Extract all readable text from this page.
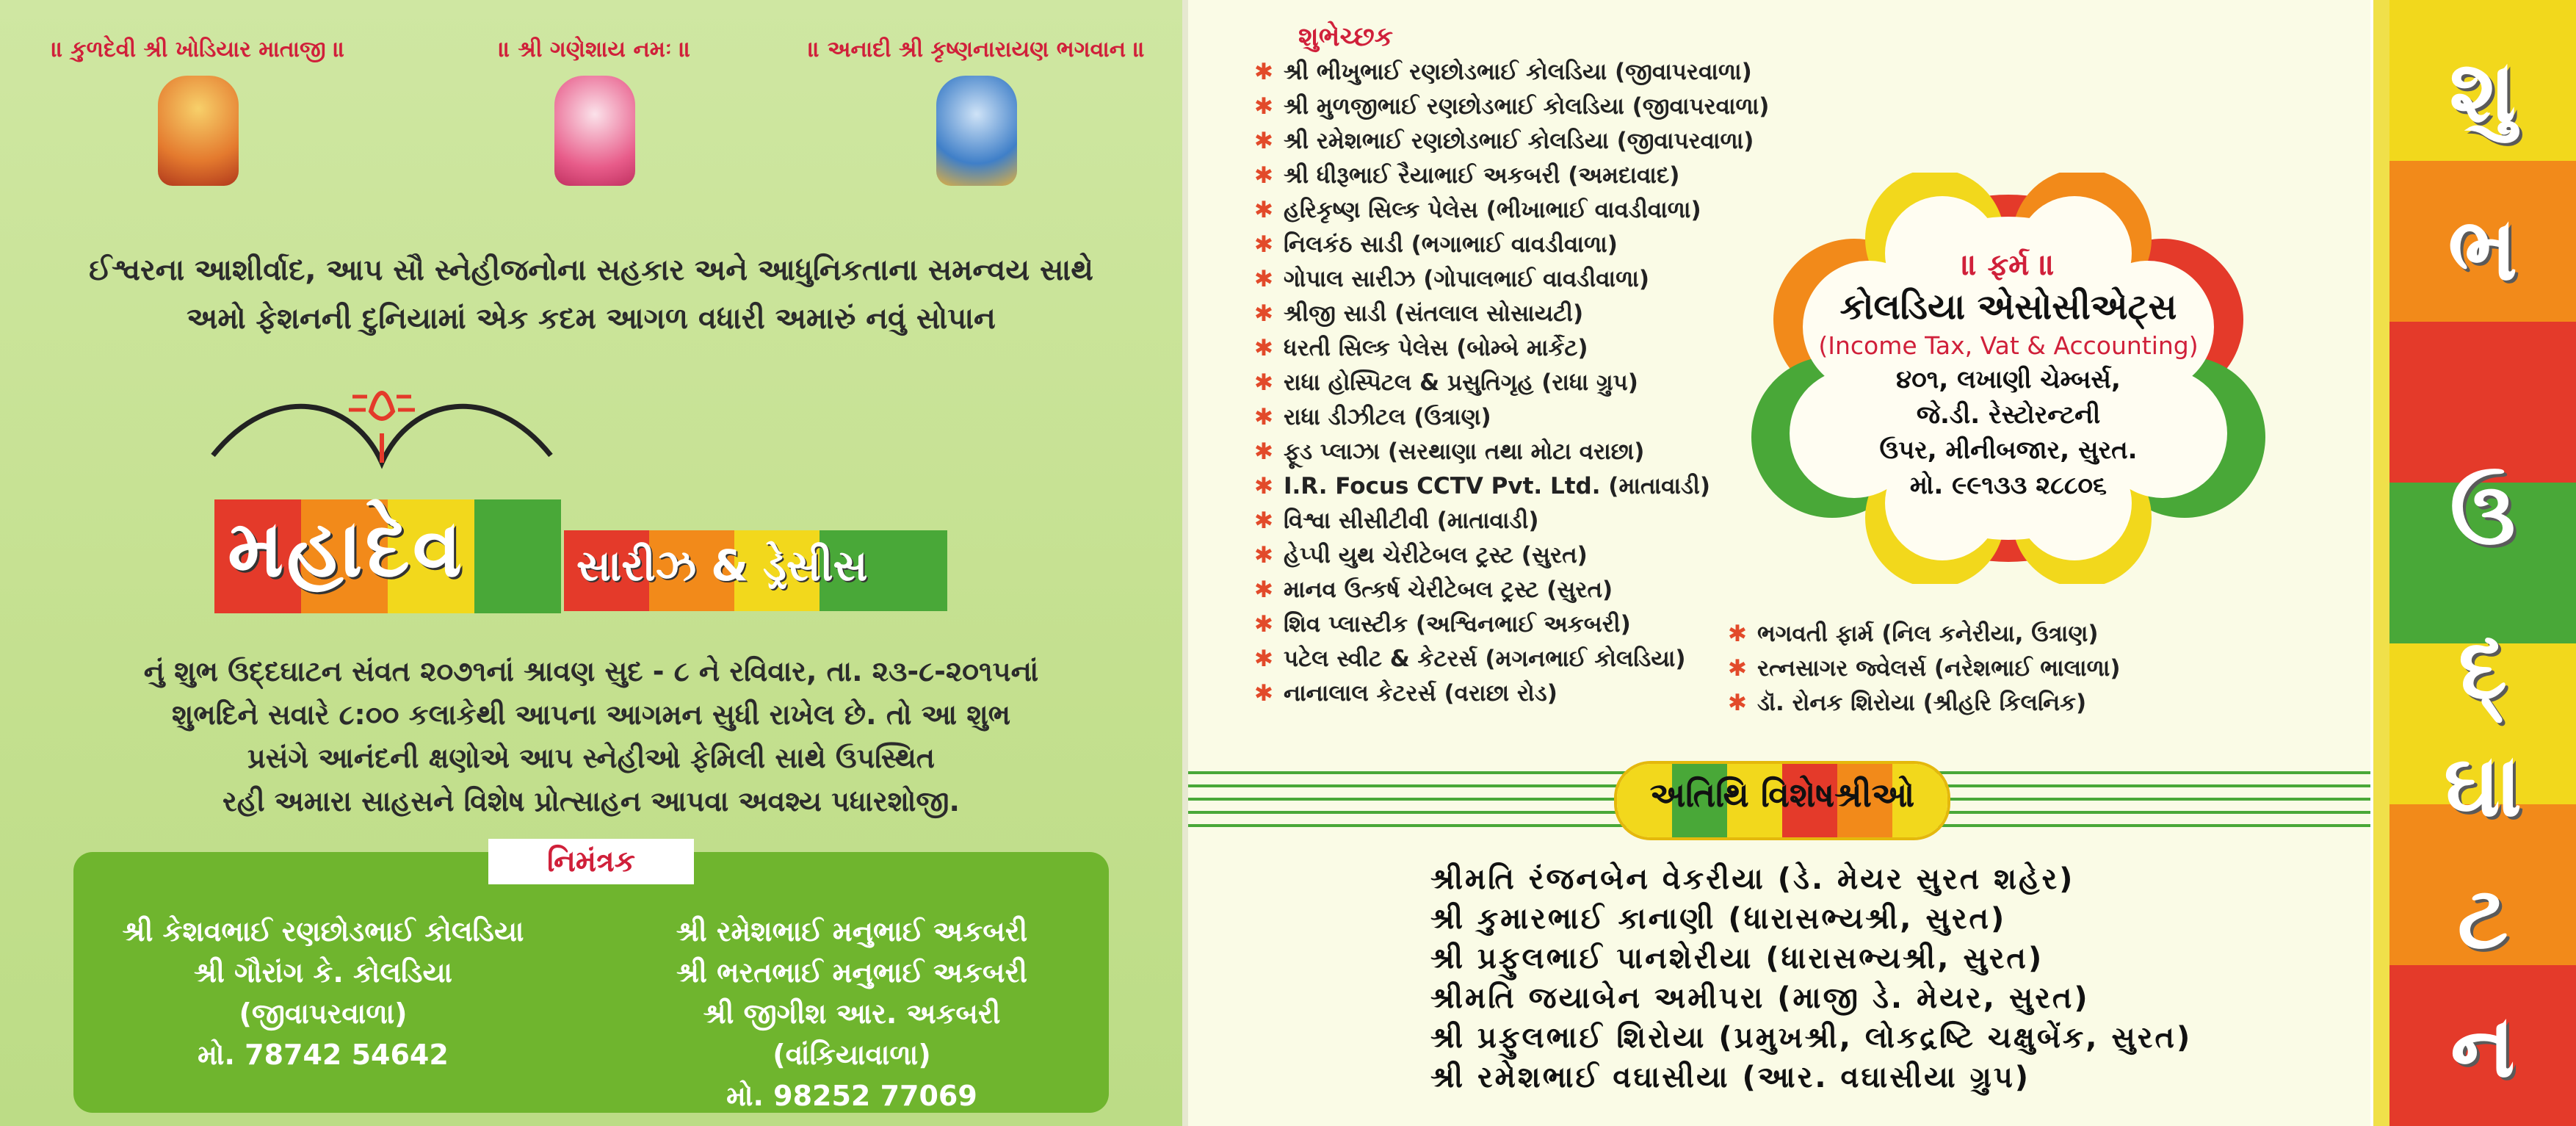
॥ કુળદેવી શ્રી ખોડિયાર માતાજી ॥	॥ શ્રી ગણેશાય નમઃ ॥	॥ અનાદી શ્રી કૃષ્ણનારાયણ ભગવાન ॥
ઈશ્વરના આશીર્વાદ, આપ સૌ સ્નેહીજનોના સહકાર અને આધુનિકતાના સમન્વય સાથે
અમો ફેશનની દુનિયામાં એક કદમ આગળ વધારી અમારું નવું સોપાન
મહાદેવ	સારીઝ & ડ્રેસીસ
નું શુભ ઉદ્દઘાટન સંવત ૨૦૭૧નાં શ્રાવણ સુદ - ૮ ને રવિવાર, તા. ૨૩-૮-૨૦૧૫નાં
શુભદિને સવારે ૮:૦૦ કલાકેથી આપના આગમન સુધી રાખેલ છે. તો આ શુભ
પ્રસંગે આનંદની ક્ષણોએ આપ સ્નેહીઓ ફેમિલી સાથે ઉપસ્થિત
રહી અમારા સાહસને વિશેષ પ્રોત્સાહન આપવા અવશ્ય પધારશોજી.
નિમંત્રક
શ્રી કેશવભાઈ રણછોડભાઈ કોલડિયા
શ્રી ગૌરાંગ કે. કોલડિયા
(જીવાપરવાળા)
મો. 78742 54642
શ્રી રમેશભાઈ મનુભાઈ અકબરી
શ્રી ભરતભાઈ મનુભાઈ અકબરી
શ્રી જીગીશ આર. અકબરી
(વાંકિયાવાળા)
મો. 98252 77069
શુભેચ્છક
✱ શ્રી ભીખુભાઈ રણછોડભાઈ કોલડિયા (જીવાપરવાળા)
✱ શ્રી મુળજીભાઈ રણછોડભાઈ કોલડિયા (જીવાપરવાળા)
✱ શ્રી રમેશભાઈ રણછોડભાઈ કોલડિયા (જીવાપરવાળા)
✱ શ્રી ધીરૂભાઈ રૈયાભાઈ અકબરી (અમદાવાદ)
✱ હરિકૃષ્ણ સિલ્ક પેલેસ (ભીખાભાઈ વાવડીવાળા)
✱ નિલકંઠ સાડી (ભગાભાઈ વાવડીવાળા)
✱ ગોપાલ સારીઝ (ગોપાલભાઈ વાવડીવાળા)
✱ શ્રીજી સાડી (સંતલાલ સોસાયટી)
✱ ધરતી સિલ્ક પેલેસ (બોમ્બે માર્કેટ)
✱ રાધા હોસ્પિટલ & પ્રસુતિગૃહ (રાધા ગ્રુપ)
✱ રાધા ડીઝીટલ (ઉત્રાણ)
✱ ફૂડ પ્લાઝા (સરથાણા તથા મોટા વરાછા)
✱ I.R. Focus CCTV Pvt. Ltd. (માતાવાડી)
✱ વિશ્વા સીસીટીવી (માતાવાડી)
✱ હેપ્પી યુથ ચેરીટેબલ ટ્રસ્ટ (સુરત)
✱ માનવ ઉત્કર્ષ ચેરીટેબલ ટ્રસ્ટ (સુરત)
✱ શિવ પ્લાસ્ટીક (અશ્વિનભાઈ અકબરી)
✱ પટેલ સ્વીટ & કેટરર્સ (મગનભાઈ કોલડિયા)
✱ નાનાલાલ કેટરર્સ (વરાછા રોડ)
✱ ભગવતી ફાર્મ (નિલ કનેરીયા, ઉત્રાણ)
✱ રત્નસાગર જ્વેલર્સ (નરેશભાઈ ભાલાળા)
✱ ડૉ. રોનક શિરોયા (શ્રીહરિ કિલનિક)
અતિથિ વિશેષશ્રીઓ
શ્રીમતિ રંજનબેન વેકરીયા (ડે. મેયર સુરત શહેર)
શ્રી કુમારભાઈ કાનાણી (ધારાસભ્યશ્રી, સુરત)
શ્રી પ્રફુલભાઈ પાનશેરીયા (ધારાસભ્યશ્રી, સુરત)
શ્રીમતિ જયાબેન અમીપરા (માજી ડે. મેયર, સુરત)
શ્રી પ્રફુલભાઈ શિરોયા (પ્રમુખશ્રી, લોકદ્રષ્ટિ ચક્ષુબેંક, સુરત)
શ્રી રમેશભાઈ વઘાસીયા (આર. વઘાસીયા ગ્રુપ)
॥ ફર્મ ॥
કોલડિયા એસોસીએટ્સ
(Income Tax, Vat & Accounting)
૪૦૧, લખાણી ચેમ્બર્સ,
જે.ડી. રેસ્ટોરન્ટની
ઉપર, મીનીબજાર, સુરત.
મો. ૯૯૧૩૩ ૨૮૮૦૬
શુ
ભ
ઉ
દ્
ઘા
ટ
ન
